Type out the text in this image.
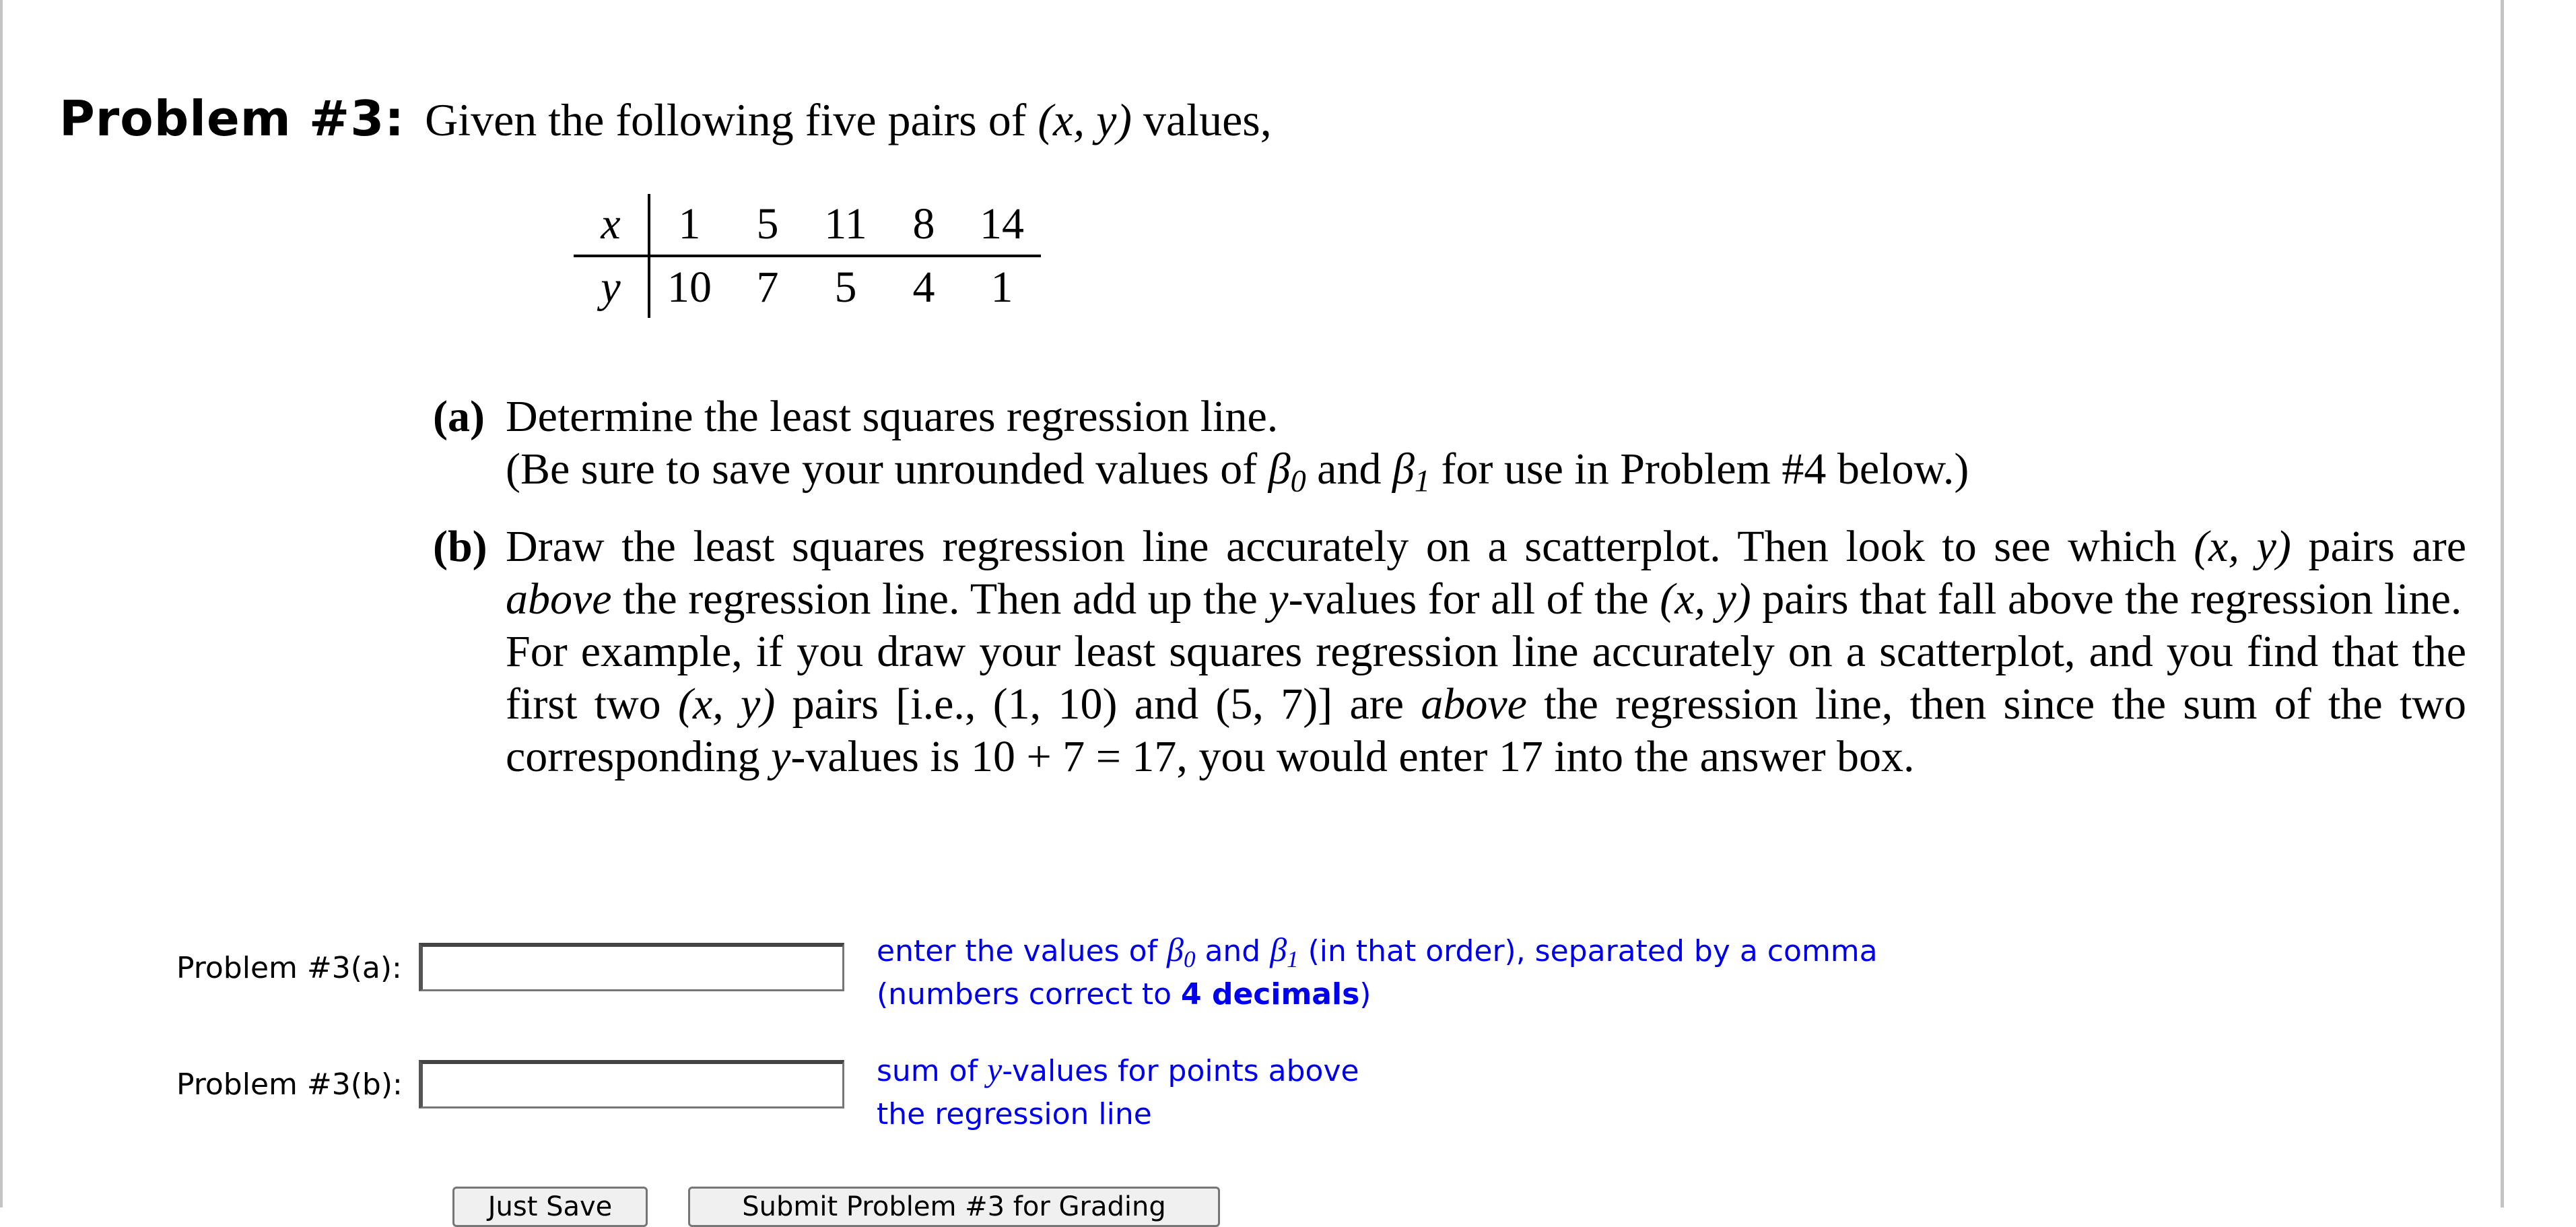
Problem #3: Given the following five pairs of (x, y) values,
x	1	5	11	8	14
y	10	7	5	4	1
(a) Determine the least squares regression line.

(Be sure to save your unrounded values of $\beta_0$ and $\beta_1$ for use in Problem #4 below.)

(b) Draw the least squares regression line accurately on a scatterplot. Then look to see which (x, y) pairs are above the regression line. Then add up the y-values for all of the (x, y) pairs that fall above the regression line.

For example, if you draw your least squares regression line accurately on a scatterplot, and you find that the first two (x, y) pairs [i.e., (1, 10) and (5, 7)] are above the regression line, then since the sum of the two corresponding y-values is 10 + 7 = 17, you would enter 17 into the answer box.

Problem #3(a):	enter the values of $\beta_0$ and $\beta_1$ (in that order), separated by a comma
(numbers correct to 4 decimals)
Problem #3(b):	sum of y-values for points above
the regression line
Just Save	Submit Problem #3 for Grading
